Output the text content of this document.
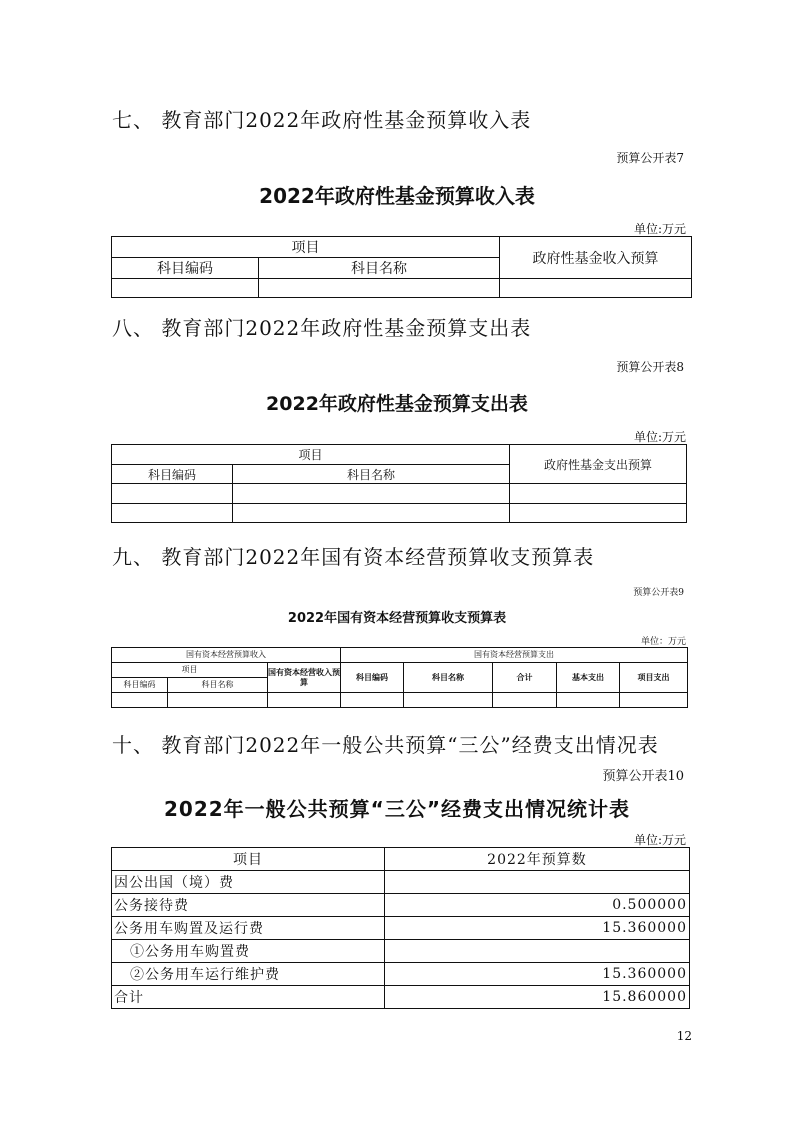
七、 教育部门2022年政府性基金预算收入表
预算公开表7
2022年政府性基金预算收入表
单位:万元
项目		政府性基金收入预算
科目编码	科目名称	

八、 教育部门2022年政府性基金预算支出表
预算公开表8
2022年政府性基金预算支出表
单位:万元
项目		政府性基金支出预算
科目编码	科目名称	

九、 教育部门2022年国有资本经营预算收支预算表
预算公开表9
2022年国有资本经营预算收支预算表
单位：万元
国有资本经营预算收入			国有资本经营预算支出				
项目		国有资本经营收入预算	科目编码	科目名称	合计	基本支出	项目支出
科目编码	科目名称						

十、 教育部门2022年一般公共预算“三公”经费支出情况表
预算公开表10
2022年一般公共预算“三公”经费支出情况统计表
单位:万元
项目	2022年预算数
因公出国（境）费	
公务接待费	0.500000
公务用车购置及运行费	15.360000
①公务用车购置费	
②公务用车运行维护费	15.360000
合计	15.860000
12
